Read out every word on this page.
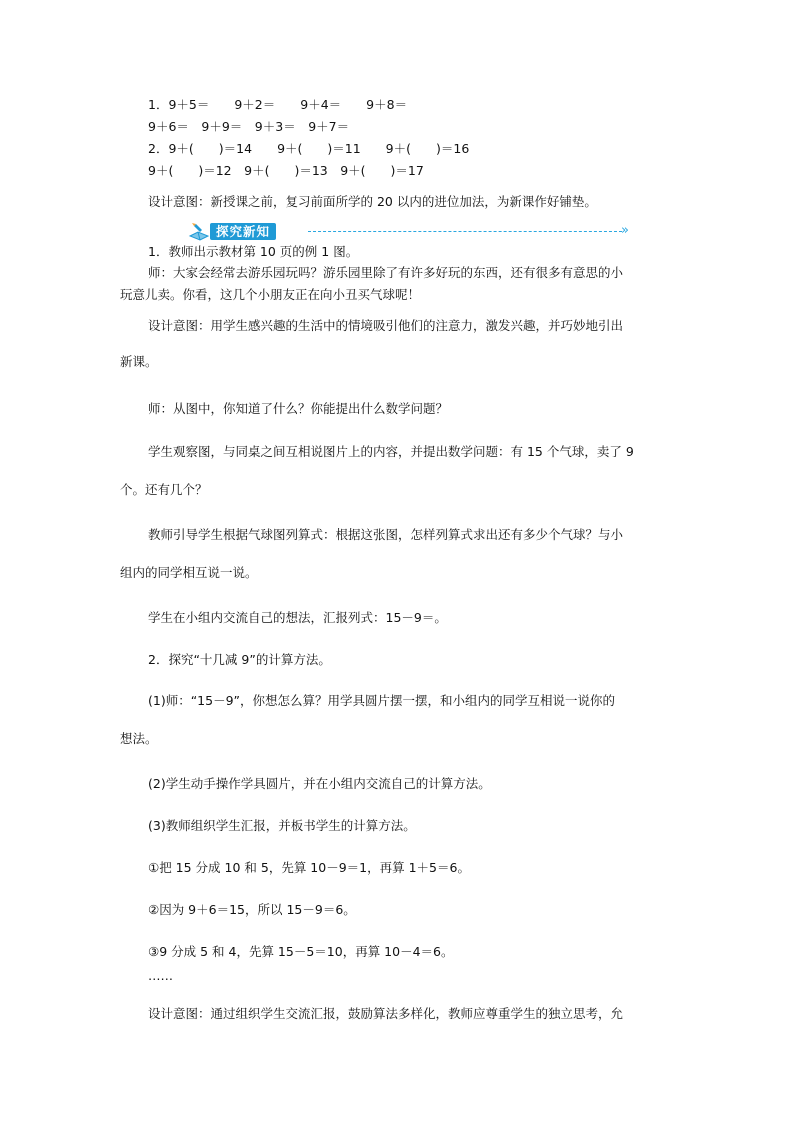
1．9＋5＝　　9＋2＝　　9＋4＝　　9＋8＝
9＋6＝　9＋9＝　9＋3＝　9＋7＝
2．9＋(　　)＝14　　9＋(　　)＝11　　9＋(　　)＝16
9＋(　　)＝12　9＋(　　)＝13　9＋(　　)＝17
设计意图：新授课之前，复习前面所学的 20 以内的进位加法，为新课作好铺垫。
探究新知	»
1．教师出示教材第 10 页的例 1 图。
师：大家会经常去游乐园玩吗？游乐园里除了有许多好玩的东西，还有很多有意思的小
玩意儿卖。你看，这几个小朋友正在向小丑买气球呢！
设计意图：用学生感兴趣的生活中的情境吸引他们的注意力，激发兴趣，并巧妙地引出
新课。
师：从图中，你知道了什么？你能提出什么数学问题？
学生观察图，与同桌之间互相说图片上的内容，并提出数学问题：有 15 个气球，卖了 9
个。还有几个？
教师引导学生根据气球图列算式：根据这张图，怎样列算式求出还有多少个气球？与小
组内的同学相互说一说。
学生在小组内交流自己的想法，汇报列式：15－9＝。
2．探究“十几减 9”的计算方法。
(1)师：“15－9”，你想怎么算？用学具圆片摆一摆，和小组内的同学互相说一说你的
想法。
(2)学生动手操作学具圆片，并在小组内交流自己的计算方法。
(3)教师组织学生汇报，并板书学生的计算方法。
①把 15 分成 10 和 5，先算 10－9＝1，再算 1＋5＝6。
②因为 9＋6＝15，所以 15－9＝6。
③9 分成 5 和 4，先算 15－5＝10，再算 10－4＝6。
……
设计意图：通过组织学生交流汇报，鼓励算法多样化，教师应尊重学生的独立思考，允
